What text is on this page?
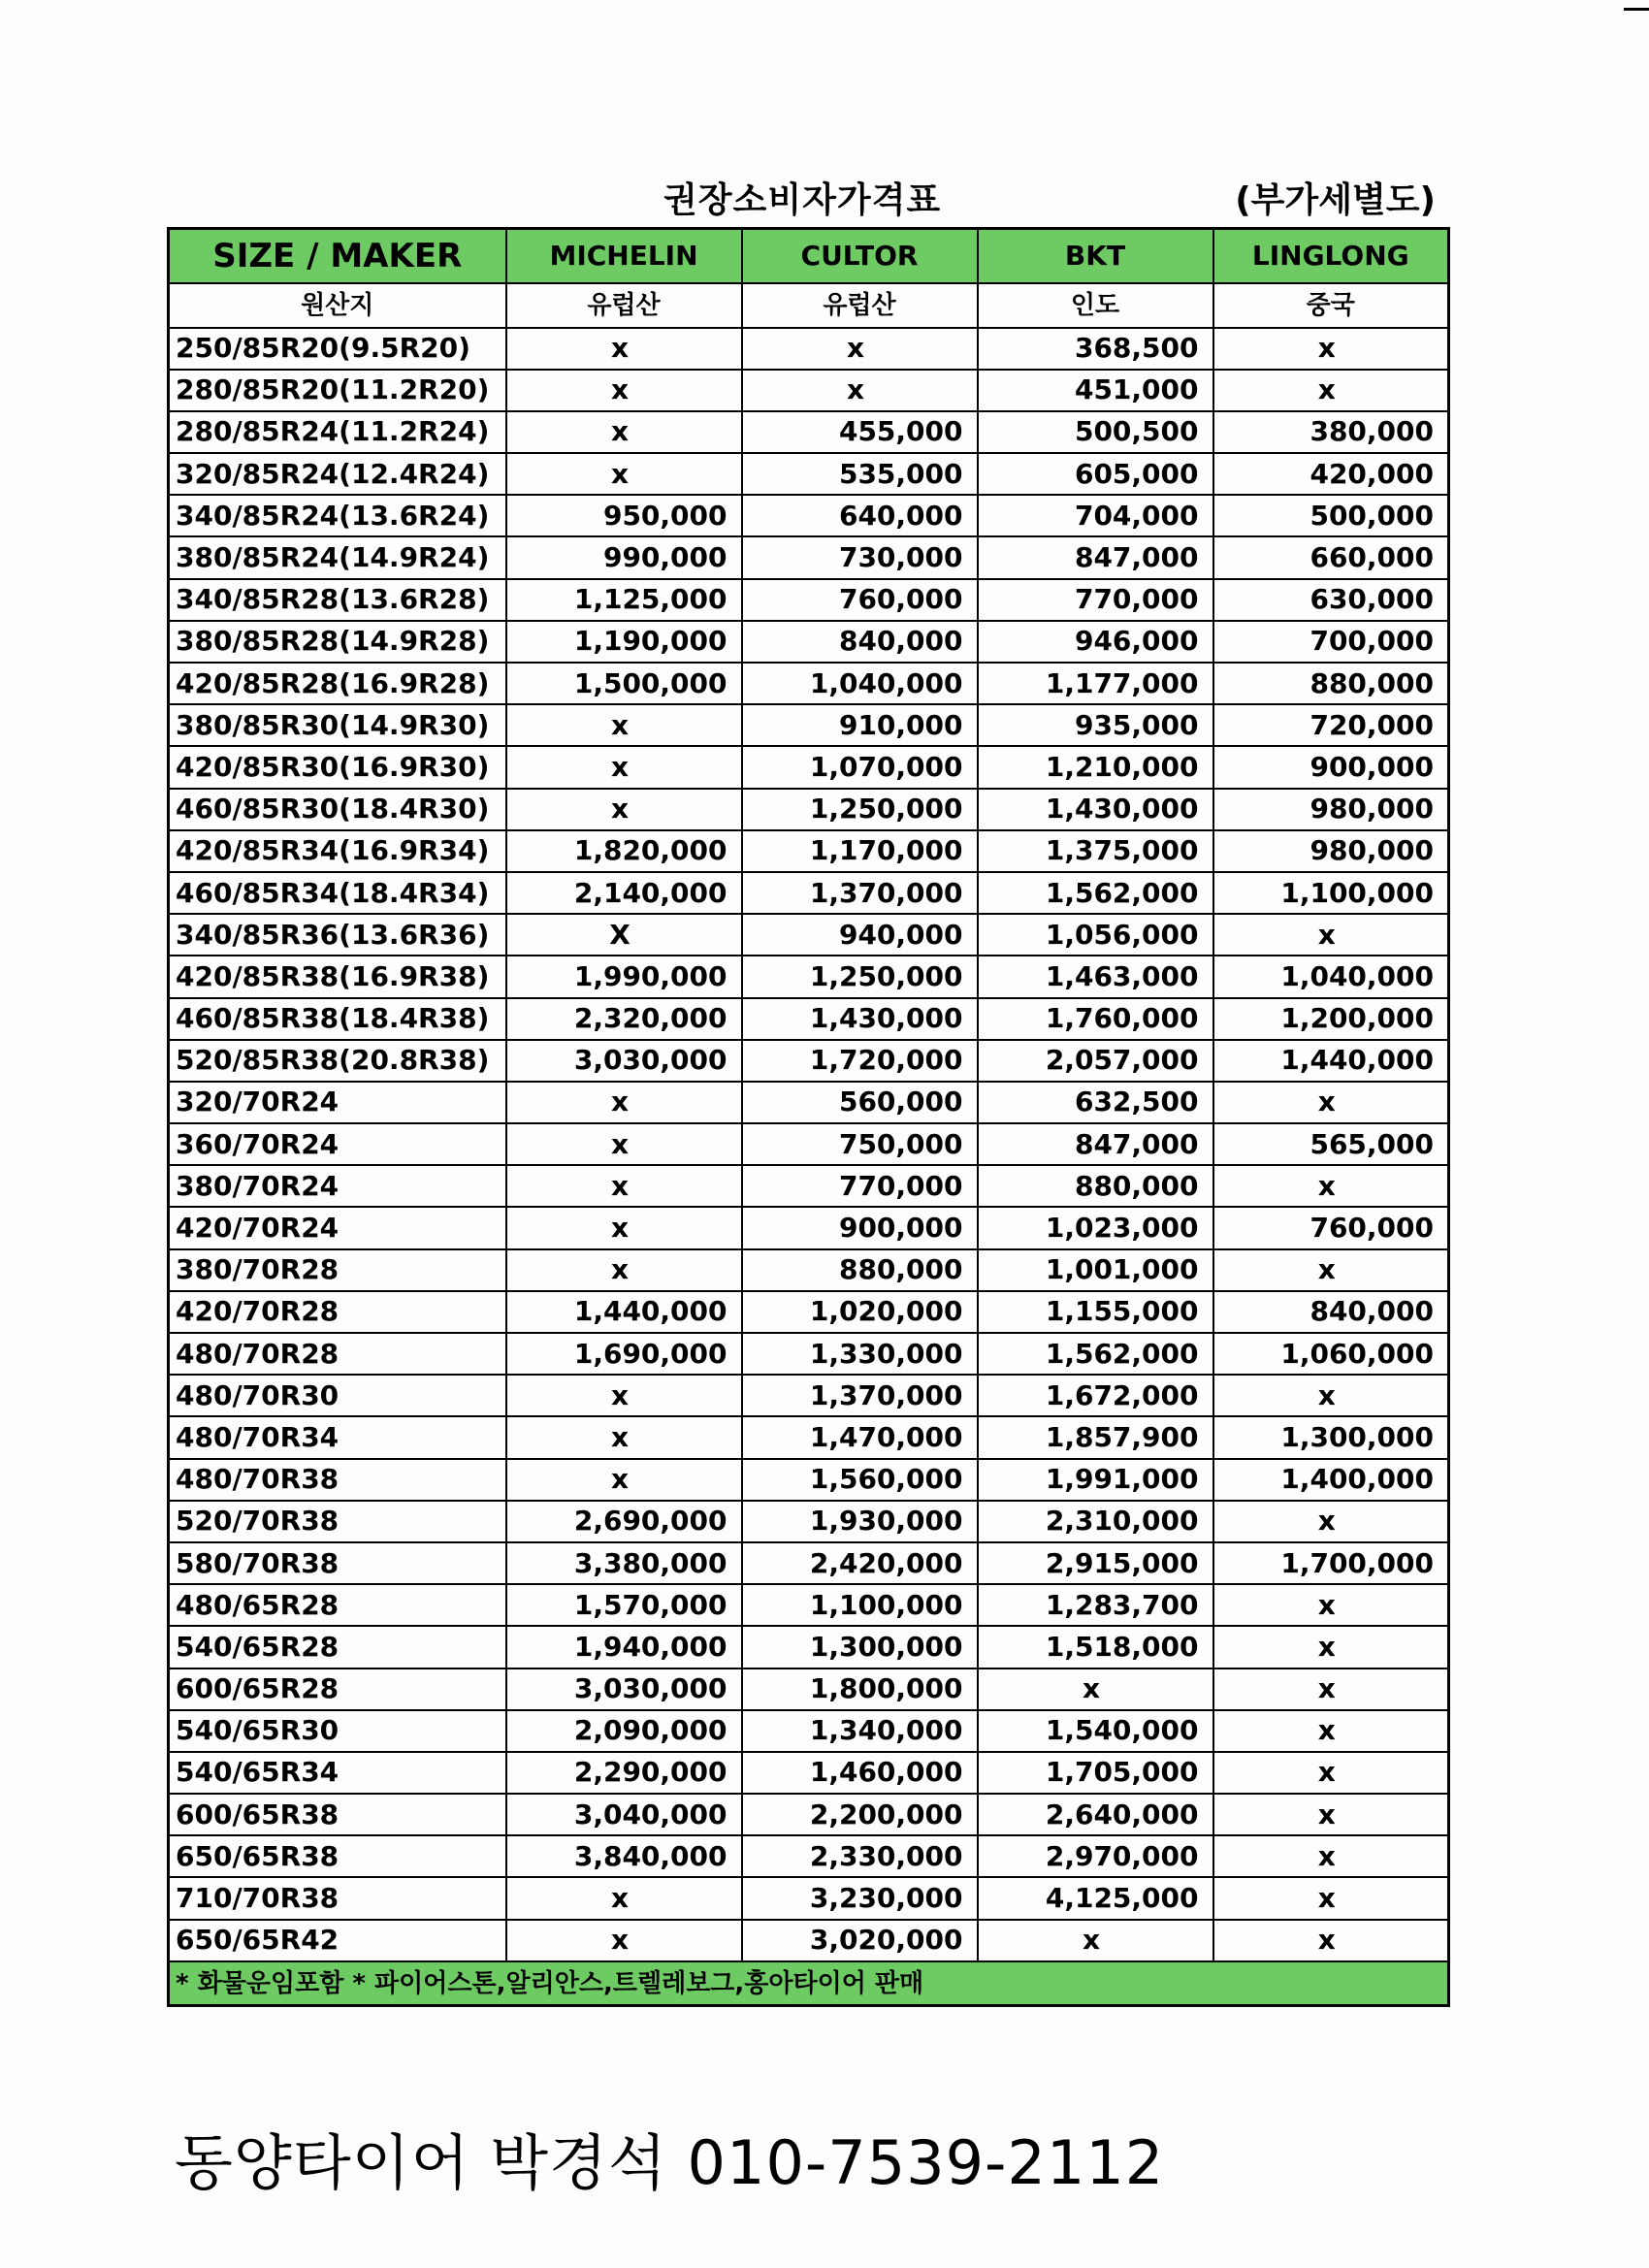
권장소비자가격표	(부가세별도)
SIZE / MAKER	MICHELIN	CULTOR	BKT	LINGLONG
원산지	유럽산	유럽산	인도	중국
250/85R20(9.5R20)	x	x	368,500	x
280/85R20(11.2R20)	x	x	451,000	x
280/85R24(11.2R24)	x	455,000	500,500	380,000
320/85R24(12.4R24)	x	535,000	605,000	420,000
340/85R24(13.6R24)	950,000	640,000	704,000	500,000
380/85R24(14.9R24)	990,000	730,000	847,000	660,000
340/85R28(13.6R28)	1,125,000	760,000	770,000	630,000
380/85R28(14.9R28)	1,190,000	840,000	946,000	700,000
420/85R28(16.9R28)	1,500,000	1,040,000	1,177,000	880,000
380/85R30(14.9R30)	x	910,000	935,000	720,000
420/85R30(16.9R30)	x	1,070,000	1,210,000	900,000
460/85R30(18.4R30)	x	1,250,000	1,430,000	980,000
420/85R34(16.9R34)	1,820,000	1,170,000	1,375,000	980,000
460/85R34(18.4R34)	2,140,000	1,370,000	1,562,000	1,100,000
340/85R36(13.6R36)	X	940,000	1,056,000	x
420/85R38(16.9R38)	1,990,000	1,250,000	1,463,000	1,040,000
460/85R38(18.4R38)	2,320,000	1,430,000	1,760,000	1,200,000
520/85R38(20.8R38)	3,030,000	1,720,000	2,057,000	1,440,000
320/70R24	x	560,000	632,500	x
360/70R24	x	750,000	847,000	565,000
380/70R24	x	770,000	880,000	x
420/70R24	x	900,000	1,023,000	760,000
380/70R28	x	880,000	1,001,000	x
420/70R28	1,440,000	1,020,000	1,155,000	840,000
480/70R28	1,690,000	1,330,000	1,562,000	1,060,000
480/70R30	x	1,370,000	1,672,000	x
480/70R34	x	1,470,000	1,857,900	1,300,000
480/70R38	x	1,560,000	1,991,000	1,400,000
520/70R38	2,690,000	1,930,000	2,310,000	x
580/70R38	3,380,000	2,420,000	2,915,000	1,700,000
480/65R28	1,570,000	1,100,000	1,283,700	x
540/65R28	1,940,000	1,300,000	1,518,000	x
600/65R28	3,030,000	1,800,000	x	x
540/65R30	2,090,000	1,340,000	1,540,000	x
540/65R34	2,290,000	1,460,000	1,705,000	x
600/65R38	3,040,000	2,200,000	2,640,000	x
650/65R38	3,840,000	2,330,000	2,970,000	x
710/70R38	x	3,230,000	4,125,000	x
650/65R42	x	3,020,000	x	x
* 화물운임포함 * 파이어스톤,알리안스,트렐레보그,홍아타이어 판매				
동양타이어 박경석 010-7539-2112
